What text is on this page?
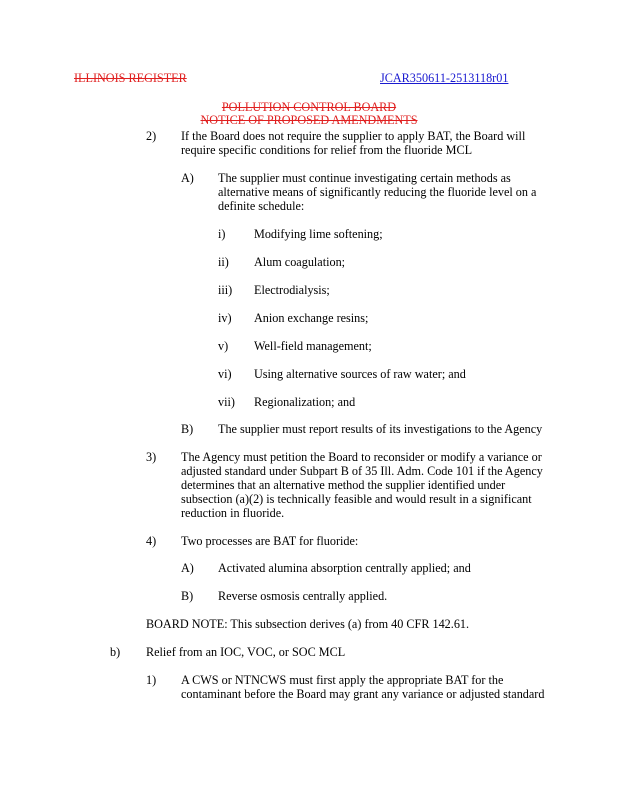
ILLINOIS REGISTER	JCAR350611-2513118r01
POLLUTION CONTROL BOARD
NOTICE OF PROPOSED AMENDMENTS
2) If the Board does not require the supplier to apply BAT, the Board will
require specific conditions for relief from the fluoride MCL
A) The supplier must continue investigating certain methods as
alternative means of significantly reducing the fluoride level on a
definite schedule:
i) Modifying lime softening;
ii) Alum coagulation;
iii) Electrodialysis;
iv) Anion exchange resins;
v) Well-field management;
vi) Using alternative sources of raw water; and
vii) Regionalization; and
B) The supplier must report results of its investigations to the Agency
3) The Agency must petition the Board to reconsider or modify a variance or
adjusted standard under Subpart B of 35 Ill. Adm. Code 101 if the Agency
determines that an alternative method the supplier identified under
subsection (a)(2) is technically feasible and would result in a significant
reduction in fluoride.
4) Two processes are BAT for fluoride:
A) Activated alumina absorption centrally applied; and
B) Reverse osmosis centrally applied.
BOARD NOTE: This subsection derives (a) from 40 CFR 142.61.
b) Relief from an IOC, VOC, or SOC MCL
1) A CWS or NTNCWS must first apply the appropriate BAT for the
contaminant before the Board may grant any variance or adjusted standard
